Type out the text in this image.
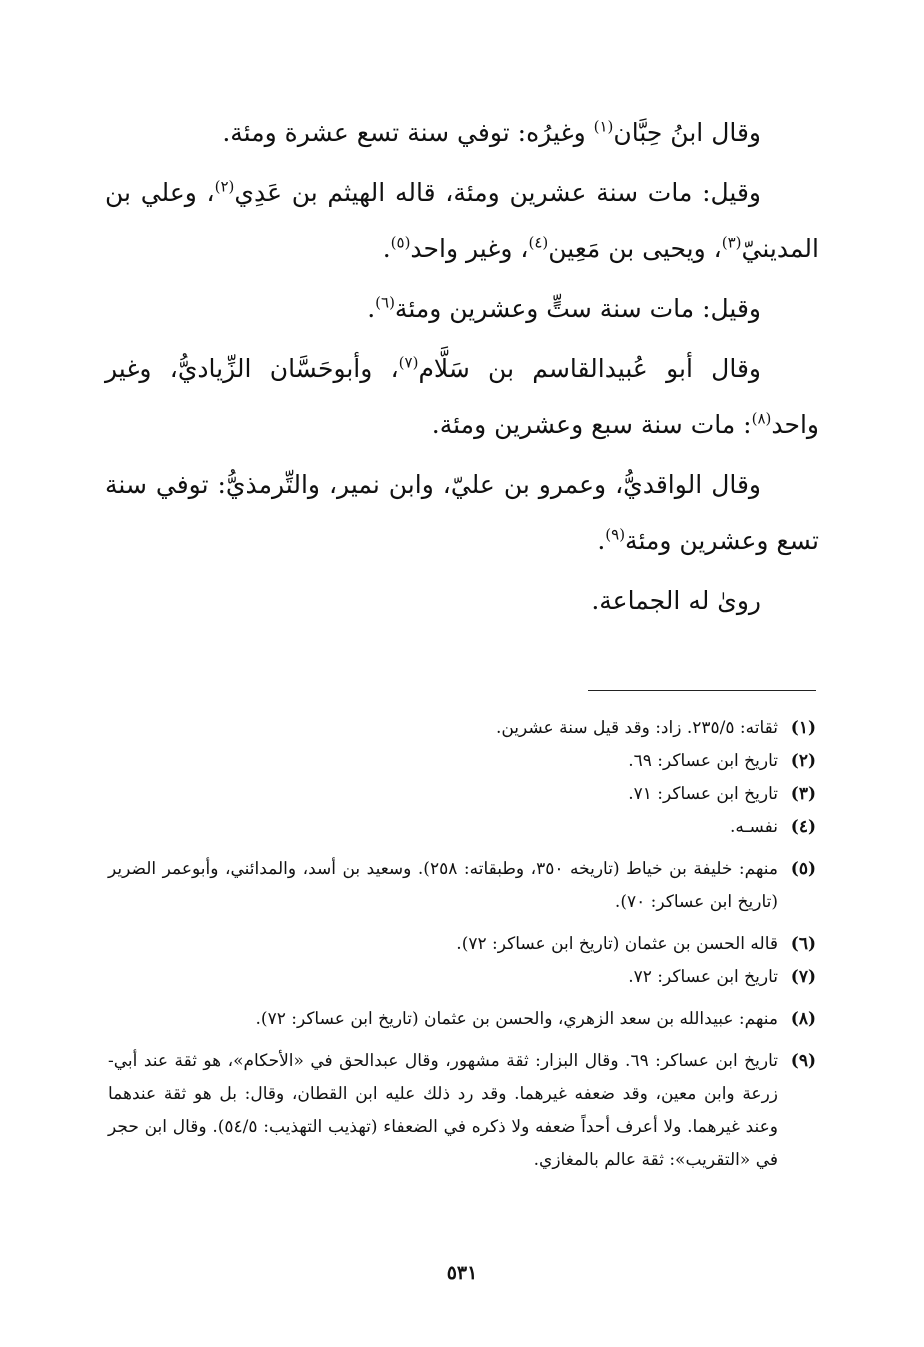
وقال ابنُ حِبَّان$^{(١)}$ وغيرُه: توفي سنة تسع عشرة ومئة.

وقيل: مات سنة عشرين ومئة، قاله الهيثم بن عَدِي$^{(٢)}$، وعلي بن المدينيّ$^{(٣)}$، ويحيى بن مَعِين$^{(٤)}$، وغير واحد$^{(٥)}$.

وقيل: مات سنة ستٍّ وعشرين ومئة$^{(٦)}$.

وقال أبو عُبيدالقاسم بن سَلَّام$^{(٧)}$، وأبوحَسَّان الزِّياديُّ، وغير واحد$^{(٨)}$: مات سنة سبع وعشرين ومئة.

وقال الواقديُّ، وعمرو بن عليّ، وابن نمير، والتِّرمذيُّ: توفي سنة تسع وعشرين ومئة$^{(٩)}$.

روىٰ له الجماعة.

(١)
ثقاته: ٢٣٥/٥. زاد: وقد قيل سنة عشرين.
(٢)
تاريخ ابن عساكر: ٦٩.
(٣)
تاريخ ابن عساكر: ٧١.
(٤)
نفسـه.
(٥)
منهم: خليفة بن خياط (تاريخه ٣٥٠، وطبقاته: ٢٥٨). وسعيد بن أسد، والمدائني، وأبوعمر الضرير (تاريخ ابن عساكر: ٧٠).
(٦)
قاله الحسن بن عثمان (تاريخ ابن عساكر: ٧٢).
(٧)
تاريخ ابن عساكر: ٧٢.
(٨)
منهم: عبيدالله بن سعد الزهري، والحسن بن عثمان (تاريخ ابن عساكر: ٧٢).
(٩)
تاريخ ابن عساكر: ٦٩. وقال البزار: ثقة مشهور، وقال عبدالحق في «الأحكام»، هو ثقة عند أبي-زرعة وابن معين، وقد ضعفه غيرهما. وقد رد ذلك عليه ابن القطان، وقال: بل هو ثقة عندهما وعند غيرهما. ولا أعرف أحداً ضعفه ولا ذكره في الضعفاء (تهذيب التهذيب: ٥٤/٥). وقال ابن حجر في «التقريب»: ثقة عالم بالمغازي.
٥٣١
